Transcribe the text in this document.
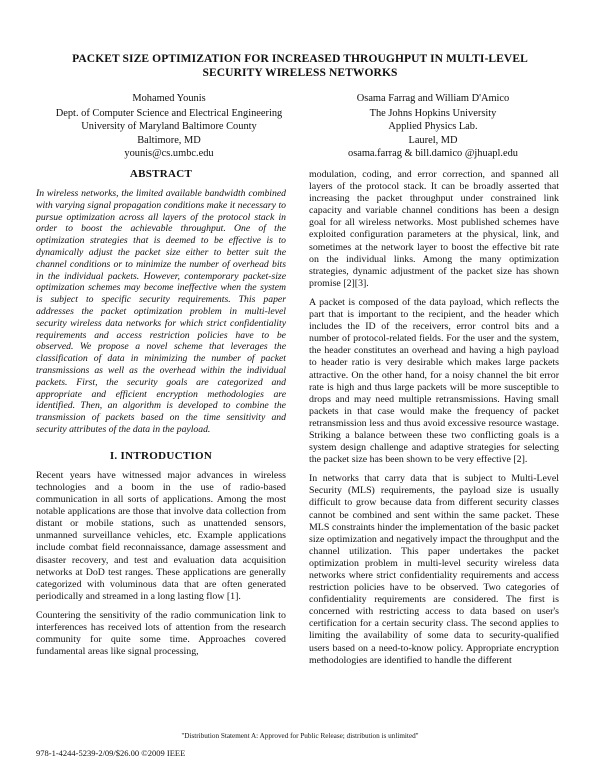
PACKET SIZE OPTIMIZATION FOR INCREASED THROUGHPUT IN MULTI-LEVEL
SECURITY WIRELESS NETWORKS
Mohamed Younis
Dept. of Computer Science and Electrical Engineering
University of Maryland Baltimore County
Baltimore, MD
younis@cs.umbc.edu
Osama Farrag and William D'Amico
The Johns Hopkins University
Applied Physics Lab.
Laurel, MD
osama.farrag & bill.damico @jhuapl.edu
ABSTRACT

In wireless networks, the limited available bandwidth combined with varying signal propagation conditions make it necessary to pursue optimization across all layers of the protocol stack in order to boost the achievable throughput. One of the optimization strategies that is deemed to be effective is to dynamically adjust the packet size either to better suit the channel conditions or to minimize the number of overhead bits in the individual packets. However, contemporary packet-size optimization schemes may become ineffective when the system is subject to specific security requirements. This paper addresses the packet optimization problem in multi-level security wireless data networks for which strict confidentiality requirements and access restriction policies have to be observed. We propose a novel scheme that leverages the classification of data in minimizing the number of packet transmissions as well as the overhead within the individual packets. First, the security goals are categorized and appropriate and efficient encryption methodologies are identified. Then, an algorithm is developed to combine the transmission of packets based on the time sensitivity and security attributes of the data in the payload.

I. INTRODUCTION

Recent years have witnessed major advances in wireless technologies and a boom in the use of radio-based communication in all sorts of applications. Among the most notable applications are those that involve data collection from distant or mobile stations, such as unattended sensors, unmanned surveillance vehicles, etc. Example applications include combat field reconnaissance, damage assessment and disaster recovery, and test and evaluation data acquisition networks at DoD test ranges. These applications are generally categorized with voluminous data that are often generated periodically and streamed in a long lasting flow [1].

Countering the sensitivity of the radio communication link to interferences has received lots of attention from the research community for quite some time. Approaches covered fundamental areas like signal processing,

modulation, coding, and error correction, and spanned all layers of the protocol stack. It can be broadly asserted that increasing the packet throughput under constrained link capacity and variable channel conditions has been a design goal for all wireless networks. Most published schemes have exploited configuration parameters at the physical, link, and sometimes at the network layer to boost the effective bit rate on the individual links. Among the many optimization strategies, dynamic adjustment of the packet size has shown promise [2][3].

A packet is composed of the data payload, which reflects the part that is important to the recipient, and the header which includes the ID of the receivers, error control bits and a number of protocol-related fields. For the user and the system, the header constitutes an overhead and having a high payload to header ratio is very desirable which makes large packets attractive. On the other hand, for a noisy channel the bit error rate is high and thus large packets will be more susceptible to drops and may need multiple retransmissions. Having small packets in that case would make the frequency of packet retransmission less and thus avoid excessive resource wastage. Striking a balance between these two conflicting goals is a system design challenge and adaptive strategies for selecting the packet size has been shown to be very effective [2].

In networks that carry data that is subject to Multi-Level Security (MLS) requirements, the payload size is usually difficult to grow because data from different security classes cannot be combined and sent within the same packet. These MLS constraints hinder the implementation of the basic packet size optimization and negatively impact the throughput and the channel utilization. This paper undertakes the packet optimization problem in multi-level security wireless data networks where strict confidentiality requirements and access restriction policies have to be observed. Two categories of confidentiality requirements are considered. The first is concerned with restricting access to data based on user's certification for a certain security class. The second applies to limiting the availability of some data to security-qualified users based on a need-to-know policy. Appropriate encryption methodologies are identified to handle the different

"Distribution Statement A: Approved for Public Release; distribution is unlimited"
978-1-4244-5239-2/09/$26.00 ©2009 IEEE
